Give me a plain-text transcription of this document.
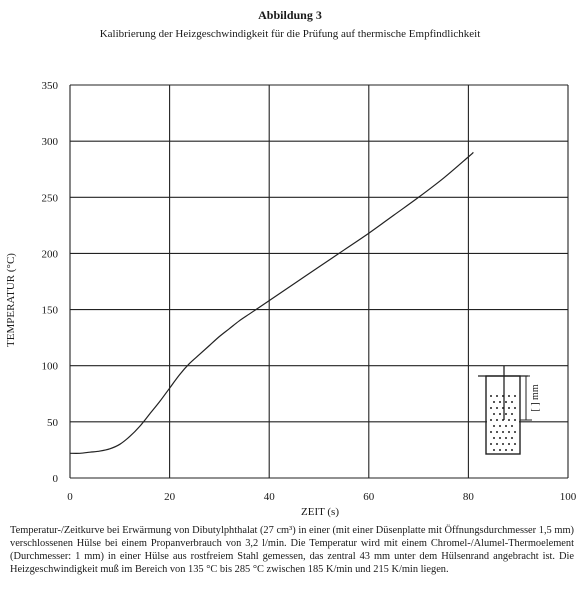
Abbildung 3
Kalibrierung der Heizgeschwindigkeit für die Prüfung auf thermische Empfindlichkeit
0
50
100
150
200
250
300
350
0	20	40	60	80	100
ZEIT (s)
TEMPERATUR (°C)
[ ] mm

Temperatur-/Zeitkurve bei Erwärmung von Dibutylphthalat (27 cm³) in einer (mit einer Düsenplatte mit Öffnungsdurchmesser 1,5 mm) verschlossenen Hülse bei einem Propanverbrauch von 3,2 l/min. Die Temperatur wird mit einem Chromel-/Alumel-Thermoelement (Durchmesser: 1 mm) in einer Hülse aus rostfreiem Stahl gemessen, das zentral 43 mm unter dem Hülsenrand angebracht ist. Die Heizgeschwindigkeit muß im Bereich von 135 °C bis 285 °C zwischen 185 K/min und 215 K/min liegen.
